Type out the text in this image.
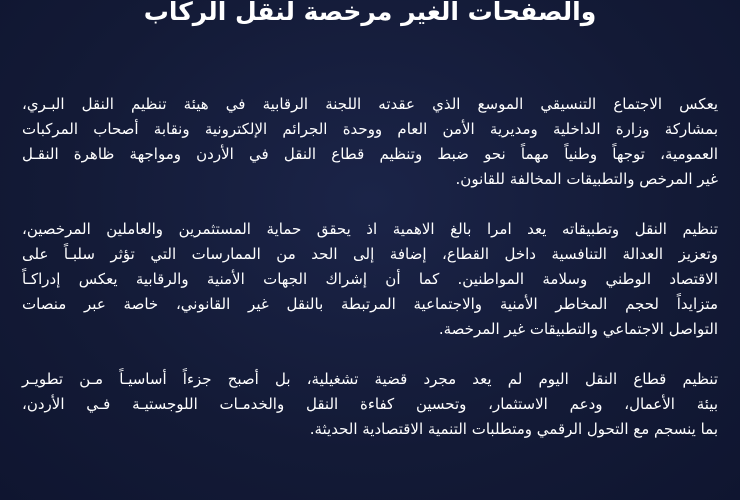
والصفحات الغير مرخصة لنقل الركاب
يعكس الاجتماع التنسيقي الموسع الذي عقدته اللجنة الرقابية في هيئة تنظيم النقل البـري،
بمشاركة وزارة الداخلية ومديرية الأمن العام ووحدة الجرائم الإلكترونية ونقابة أصحاب المركبات
العمومية، توجهاً وطنياً مهماً نحو ضبط وتنظيم قطاع النقل في الأردن ومواجهة ظاهرة النقـل
غير المرخص والتطبيقات المخالفة للقانون.
تنظيم النقل وتطبيقاته يعد امرا بالغ الاهمية اذ يحقق حماية المستثمرين والعاملين المرخصين،
وتعزيز العدالة التنافسية داخل القطاع، إضافة إلى الحد من الممارسات التي تؤثر سلبـاً على
الاقتصاد الوطني وسلامة المواطنين. كما أن إشراك الجهات الأمنية والرقابية يعكس إدراكـاً
متزايداً لحجم المخاطر الأمنية والاجتماعية المرتبطة بالنقل غير القانوني، خاصة عبر منصات
التواصل الاجتماعي والتطبيقات غير المرخصة.
تنظيم قطاع النقل اليوم لم يعد مجرد قضية تشغيلية، بل أصبح جزءاً أساسيـاً مـن تطويـر
بيئة الأعمال، ودعم الاستثمار، وتحسين كفاءة النقل والخدمـات اللوجستيـة فـي الأردن،
بما ينسجم مع التحول الرقمي ومتطلبات التنمية الاقتصادية الحديثة.
